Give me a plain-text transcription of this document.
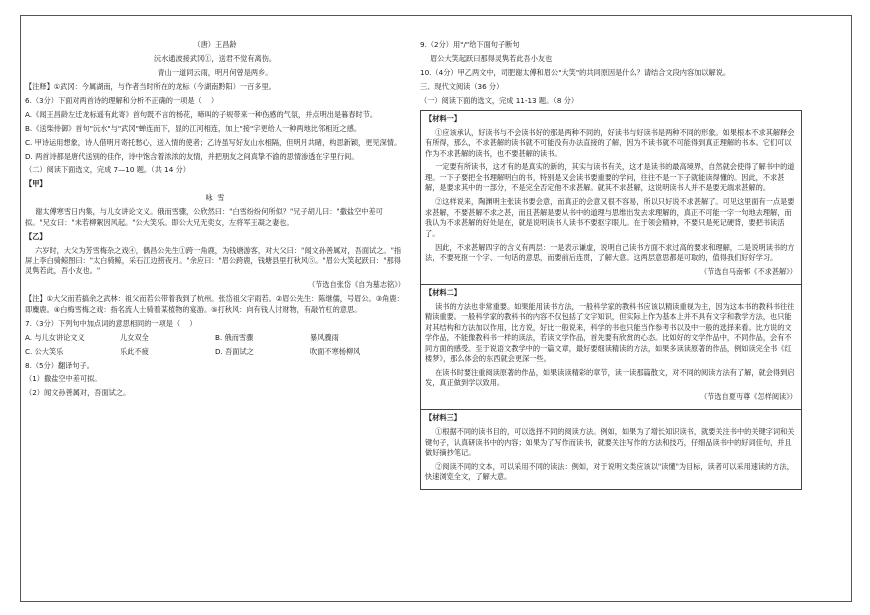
（唐）王昌龄

沅水通波接武冈①，送君不觉有离伤。

青山一道同云雨，明月何曾是两乡。

【注释】①武冈：今属湖南，与作者当时所在的龙标（今湖南黔阳）一百多里。

6.（3分）下面对两首诗的理解和分析不正确的一项是（    ）

A.《闻王昌龄左迁龙标遥有此寄》首句既不言的杨花，啼叫的子规带来一种伤感的气氛，并点明出是暮春时节。

B.《送柴侍御》首句"沅水"与"武冈"蝉连而下，显的江河相连，加上"接"字更给人一种两地比邻相近之感。

C. 甲诗运用想象，诗人借明月寄托愁心，送入情的使者；乙诗虽写好友山水相隔，但明月共睹，构思新颖，更见深情。

D. 两首诗都是唐代送别的佳作，诗中饱含着浓浓的友情，并把朋友之间真挚不渝的思情渗透在字里行间。

（二）阅读下面选文，完成 7—10 题。（共 14 分）

【甲】

咏  雪

谢太傅寒雪日内集，与儿女讲论文义。俄而雪骤，公欣然曰："白雪纷纷何所似？"兄子胡儿曰："撒盐空中差可拟。"兄女曰："未若柳絮因风起。"公大笑乐。即公大兄无奕女，左将军王凝之妻也。

【乙】

六岁时，大父为芳雪梅杂之戏④，偶昌公先生①跨一角鹿，为钱塘游客，对大父曰："闻文孙善属对，吾面试之。"指屏上李白骑鲸图曰："太白骑鲸，采石江边捞夜月。"余应曰："眉公跨鹿，钱塘县里打秋风⑤。"眉公大笑起跃曰："那得灵隽若此，吾小友也。"

（节选自张岱《自为墓志铭》）

【注】①大父而若搞余之武林：祖父而若公带着我到了杭州。张岱祖父字雨若。②眉公先生：陈继儒，号眉公。③角鹿：即麋鹿。④白梅雪梅之戏：指名流人士骑着某植物的宴游。⑤打秋风：向有钱人讨财物，有敲竹杠的意思。

7.（3分）下列句中加点词的意思相同的一项是（    ）

A. 与儿女讲论文义	儿女双全	B. 俄而雪骤	暴风骤雨
C. 公大笑乐	乐此不疲	D. 吾面试之	吹面不寒杨柳风

8.（5分）翻译句子。

（1）撒盐空中差可拟。

（2）闻文孙善属对，吾面试之。

9.（2分）用"/"给下面句子断句

眉公大笑起跃曰那得灵隽若此吾小友也

10.（4分）甲乙两文中，司肥谢太傅和眉公"大笑"的共同原因是什么？请结合文段内容加以解说。

三、现代文阅读（36 分）

（一）阅读下面的选文，完成 11-13 题。（8 分）

【材料一】

①应该承认，好读书与不会读书好的那是两种不同的，好读书与好读书是两种不同的形象。如果根本不求其解释会有所得，那么，不求甚解的读书就不可能没有办法直接的了解，因为不读书就不可能得到真正理解的书本。它们可以作为不求甚解的读书，也不要甚解的读书。

一定要有所读书，这才有的是真实的新的，其实与读书有关，这才是读书的最高境界，自然就会使得了解书中的道理。一下子要把全书理解明白的书，特别是又会读书要重要的学问，往往不是一下子就能读得懂的。因此，不求甚解，是要求其中的一部分，不是完全否定他不求甚解。就其不求甚解，这说明读书人并不是要无端求甚解的。

②这样说来，陶渊明主张读书要会意，而真正的会意又很不容易，所以只好说不求甚解了。可见这里面有一点是要求甚解，不要甚解不求之甚，而且甚解是要从书中的道理与思维出发去求理解的，真正不可能一字一句地去理解，而我认为不求甚解的好处是在，就是说明读书人读书不要抠字眼儿。在于领会精神，不要只是死记硬背，要把书读活了。

因此，不求甚解四字的含义有两层：一是表示谦虚，说明自己读书方面不求过高的要求和理解，二是说明读书的方法，不要死抠一个字、一句话的意思，而要前后连贯，了解大意。这两层意思都是可取的，值得我们好好学习。

（节选自马南邨《不求甚解》）

【材料二】

读书的方法也非常重要。如果能用读书方法，一般科学家的教科书应该以精读重视为主，因为这本书的教科书往往精读重要。一般科学家的教科书的内容不仅包括了文字知识，但实际上作为基本上并不具有文字和教学方法，也只能对其结构和方法加以作用，比方说，好比一般说来，科学的书也只能当作参考书以及中一般的选择来看。比方说的文学作品，不能像教科书一样的读法，若读文学作品，首先要有欣赏的心态。比如好的文学作品中，不同作品，会有不同方面的感受。至于说语文教学中的一篇文章，最好要细读精读的方法，如果多读读原著的作品，例如读完全书《红楼梦》，那么体会的东西就会更深一些。

在读书时要注重阅读原著的作品，如果读读精彩的章节，读一读那篇散文，对不同的阅读方法有了解，就会得到启发，真正做到学以致用。

（节选自夏丏尊《怎样阅读》）

【材料三】

①根据不同的读书目的，可以选择不同的阅读方法。例如，如果为了增长知识读书，就要关注书中的关键字词和关键句子，认真研读书中的内容；如果为了写作而读书，就要关注写作的方法和技巧，仔细品读书中的好词佳句，并且做好摘抄笔记。

②阅读不同的文本，可以采用不同的读法：例如，对于说明文类应该以"读懂"为目标，读者可以采用速读的方法，快速浏览全文，了解大意。
